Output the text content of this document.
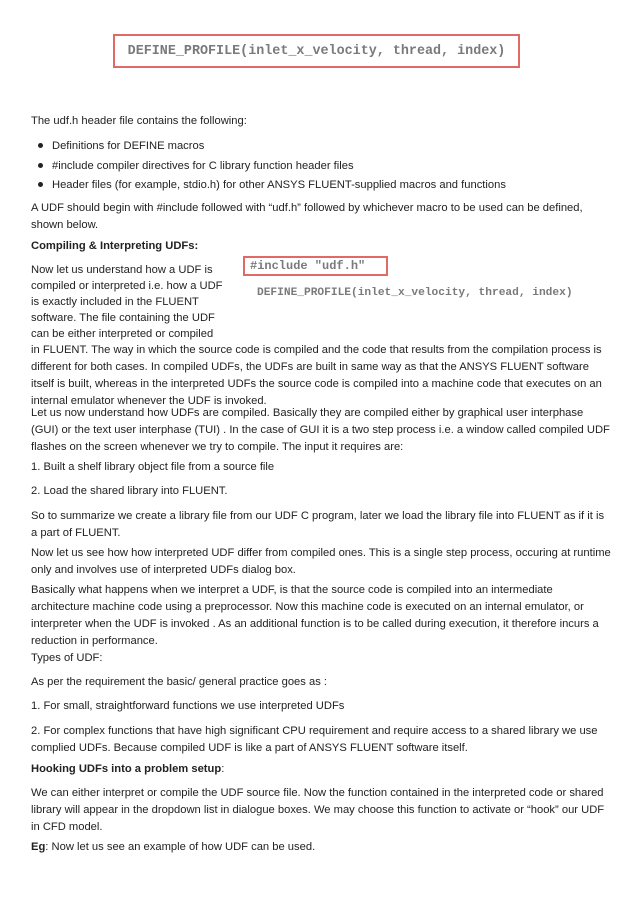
DEFINE_PROFILE(inlet_x_velocity, thread, index)

The udf.h header file contains the following:

Definitions for DEFINE macros
#include compiler directives for C library function header files
Header files (for example, stdio.h) for other ANSYS FLUENT-supplied macros and functions

A UDF should begin with #include followed with “udf.h” followed by whichever macro to be used can be defined, shown below.

Compiling & Interpreting UDFs:

Now let us understand how a UDF is

compiled or interpreted i.e. how a UDF

is exactly included in the FLUENT

software. The file containing the UDF

can be either interpreted or compiled

in FLUENT. The way in which the source code is compiled and the code that results from the compilation process is different for both cases. In compiled UDFs, the UDFs are built in same way as that the ANSYS FLUENT software itself is built, whereas in the interpreted UDFs the source code is compiled into a machine code that executes on an internal emulator whenever the UDF is invoked.

#include "udf.h"
DEFINE_PROFILE(inlet_x_velocity, thread, index)

Let us now understand how UDFs are compiled. Basically they are compiled either by graphical user interphase (GUI) or the text user interphase (TUI) . In the case of GUI it is a two step process i.e. a window called compiled UDF flashes on the screen whenever we try to compile. The input it requires are:

1. Built a shelf library object file from a source file

2. Load the shared library into FLUENT.

So to summarize we create a library file from our UDF C program, later we load the library file into FLUENT as if it is a part of FLUENT.

Now let us see how how interpreted UDF differ from compiled ones. This is a single step process, occuring at runtime only and involves use of interpreted UDFs dialog box.

Basically what happens when we interpret a UDF, is that the source code is compiled into an intermediate architecture machine code using a preprocessor. Now this machine code is executed on an internal emulator, or interpreter when the UDF is invoked . As an additional function is to be called during execution, it therefore incurs a reduction in performance.

Types of UDF:

As per the requirement the basic/ general practice goes as :

1. For small, straightforward functions we use interpreted UDFs

2. For complex functions that have high significant CPU requirement and require access to a shared library we use complied UDFs. Because compiled UDF is like a part of ANSYS FLUENT software itself.

Hooking UDFs into a problem setup:

We can either interpret or compile the UDF source file. Now the function contained in the interpreted code or shared library will appear in the dropdown list in dialogue boxes. We may choose this function to activate or “hook” our UDF in CFD model.

Eg: Now let us see an example of how UDF can be used.
